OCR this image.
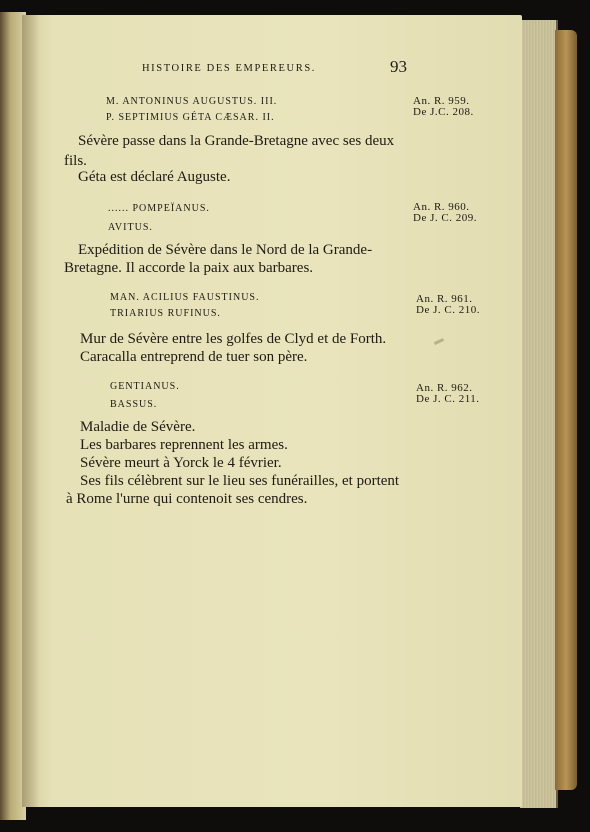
HISTOIRE DES EMPEREURS.	93
M. ANTONINUS AUGUSTUS. III.
P. SEPTIMIUS GÉTA CÆSAR. II.
An. R. 959.
De J.C. 208.
Sévère passe dans la Grande-Bretagne avec ses deux
fils.
Géta est déclaré Auguste.
...... POMPEÏANUS.
AVITUS.
An. R. 960.
De J. C. 209.
Expédition de Sévère dans le Nord de la Grande-
Bretagne. Il accorde la paix aux barbares.
MAN. ACILIUS FAUSTINUS.
TRIARIUS RUFINUS.
An. R. 961.
De J. C. 210.
Mur de Sévère entre les golfes de Clyd et de Forth.
Caracalla entreprend de tuer son père.
GENTIANUS.
BASSUS.
An. R. 962.
De J. C. 211.
Maladie de Sévère.
Les barbares reprennent les armes.
Sévère meurt à Yorck le 4 février.
Ses fils célèbrent sur le lieu ses funérailles, et portent
à Rome l'urne qui contenoit ses cendres.
